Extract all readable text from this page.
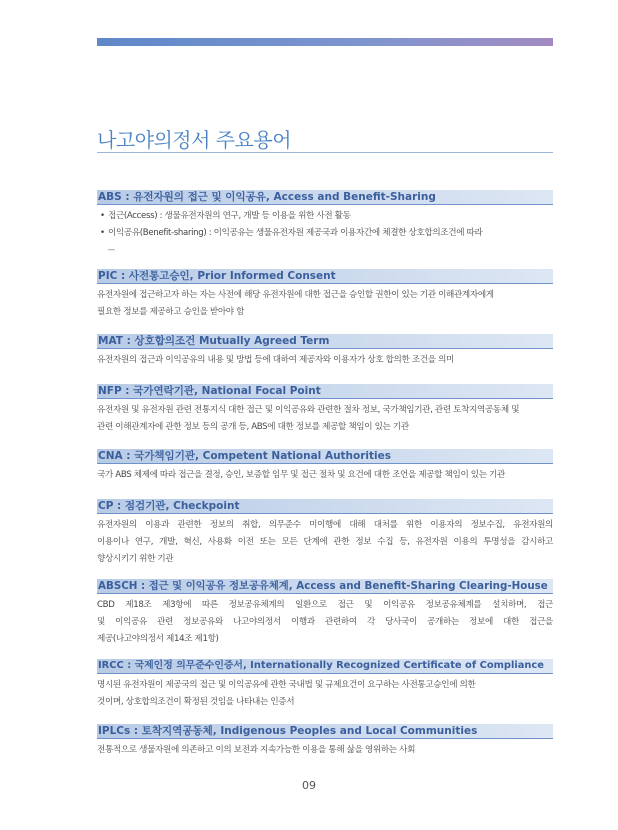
나고야의정서 주요용어
ABS : 유전자원의 접근 및 이익공유, Access and Benefit-Sharing
• 접근(Access) : 생물유전자원의 연구, 개발 등 이용을 위한 사전 활동
• 이익공유(Benefit-sharing) : 이익공유는 생물유전자원 제공국과 이용자간에 체결한 상호합의조건에 따라
PIC : 사전통고승인, Prior Informed Consent
유전자원에 접근하고자 하는 자는 사전에 해당 유전자원에 대한 접근을 승인할 권한이 있는 기관 이해관계자에게
필요한 정보를 제공하고 승인을 받아야 함
MAT : 상호합의조건 Mutually Agreed Term
유전자원의 접근과 이익공유의 내용 및 방법 등에 대하여 제공자와 이용자가 상호 합의한 조건을 의미
NFP : 국가연락기관, National Focal Point
유전자원 및 유전자원 관련 전통지식 대한 접근 및 이익공유와 관련한 절차 정보, 국가책임기관, 관련 토착지역공동체 및
관련 이해관계자에 관한 정보 등의 공개 등, ABS에 대한 정보를 제공할 책임이 있는 기관
CNA : 국가책임기관, Competent National Authorities
국가 ABS 체제에 따라 접근을 결정, 승인, 보증할 임무 및 접근 절차 및 요건에 대한 조언을 제공할 책임이 있는 기관
CP : 점검기관, Checkpoint
유전자원의 이용과 관련한 정보의 취합, 의무준수 미이행에 대해 대처를 위한 이용자의 정보수집, 유전자원의
이용이나 연구, 개발, 혁신, 사용화 이전 또는 모든 단계에 관한 정보 수집 등, 유전자원 이용의 투명성을 감시하고
향상시키기 위한 기관
ABSCH : 접근 및 이익공유 정보공유체계, Access and Benefit-Sharing Clearing-House
CBD 제18조 제3항에 따른 정보공유체계의 일환으로 접근 및 이익공유 정보공유체계를 설치하며, 접근
및 이익공유 관련 정보공유와 나고야의정서 이행과 관련하여 각 당사국이 공개하는 정보에 대한 접근을
제공(나고야의정서 제14조 제1항)
IRCC : 국제인정 의무준수인증서, Internationally Recognized Certificate of Compliance
명시된 유전자원이 제공국의 접근 및 이익공유에 관한 국내법 및 규제요건이 요구하는 사전통고승인에 의한
것이며, 상호합의조건이 확정된 것임을 나타내는 인증서
IPLCs : 토착지역공동체, Indigenous Peoples and Local Communities
전통적으로 생물자원에 의존하고 이의 보전과 지속가능한 이용을 통해 삶을 영위하는 사회
09
